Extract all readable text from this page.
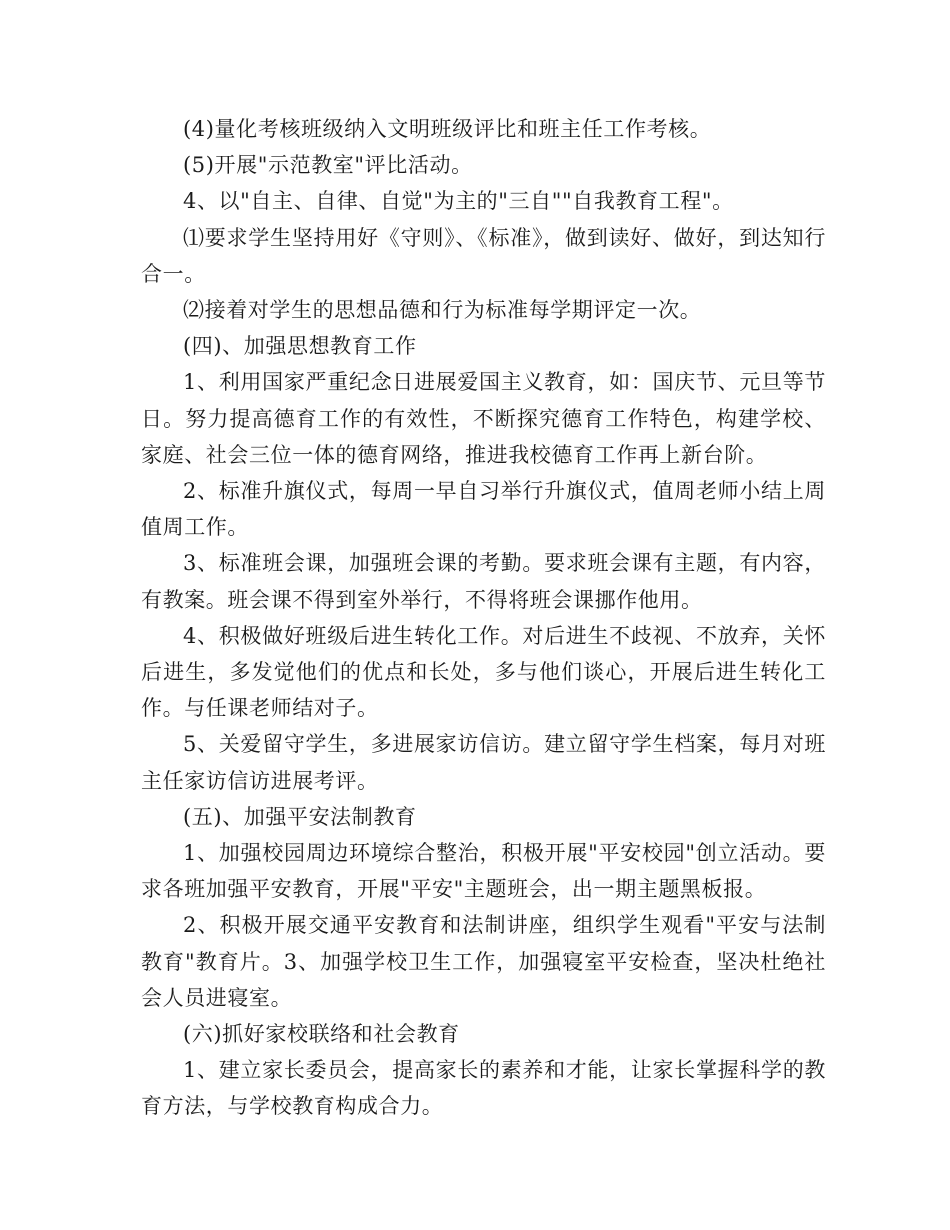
(4)量化考核班级纳入文明班级评比和班主任工作考核。

(5)开展"示范教室"评比活动。

4、以"自主、自律、自觉"为主的"三自""自我教育工程"。

⑴要求学生坚持用好《守则》、《标准》，做到读好、做好，到达知行合一。

⑵接着对学生的思想品德和行为标准每学期评定一次。

(四)、加强思想教育工作

1、利用国家严重纪念日进展爱国主义教育，如：国庆节、元旦等节日。努力提高德育工作的有效性，不断探究德育工作特色，构建学校、家庭、社会三位一体的德育网络，推进我校德育工作再上新台阶。

2、标准升旗仪式，每周一早自习举行升旗仪式，值周老师小结上周值周工作。

3、标准班会课，加强班会课的考勤。要求班会课有主题，有内容，有教案。班会课不得到室外举行，不得将班会课挪作他用。

4、积极做好班级后进生转化工作。对后进生不歧视、不放弃，关怀后进生，多发觉他们的优点和长处，多与他们谈心，开展后进生转化工作。与任课老师结对子。

5、关爱留守学生，多进展家访信访。建立留守学生档案，每月对班主任家访信访进展考评。

(五)、加强平安法制教育

1、加强校园周边环境综合整治，积极开展"平安校园"创立活动。要求各班加强平安教育，开展"平安"主题班会，出一期主题黑板报。

2、积极开展交通平安教育和法制讲座，组织学生观看"平安与法制教育"教育片。3、加强学校卫生工作，加强寝室平安检查，坚决杜绝社会人员进寝室。

(六)抓好家校联络和社会教育

1、建立家长委员会，提高家长的素养和才能，让家长掌握科学的教育方法，与学校教育构成合力。
